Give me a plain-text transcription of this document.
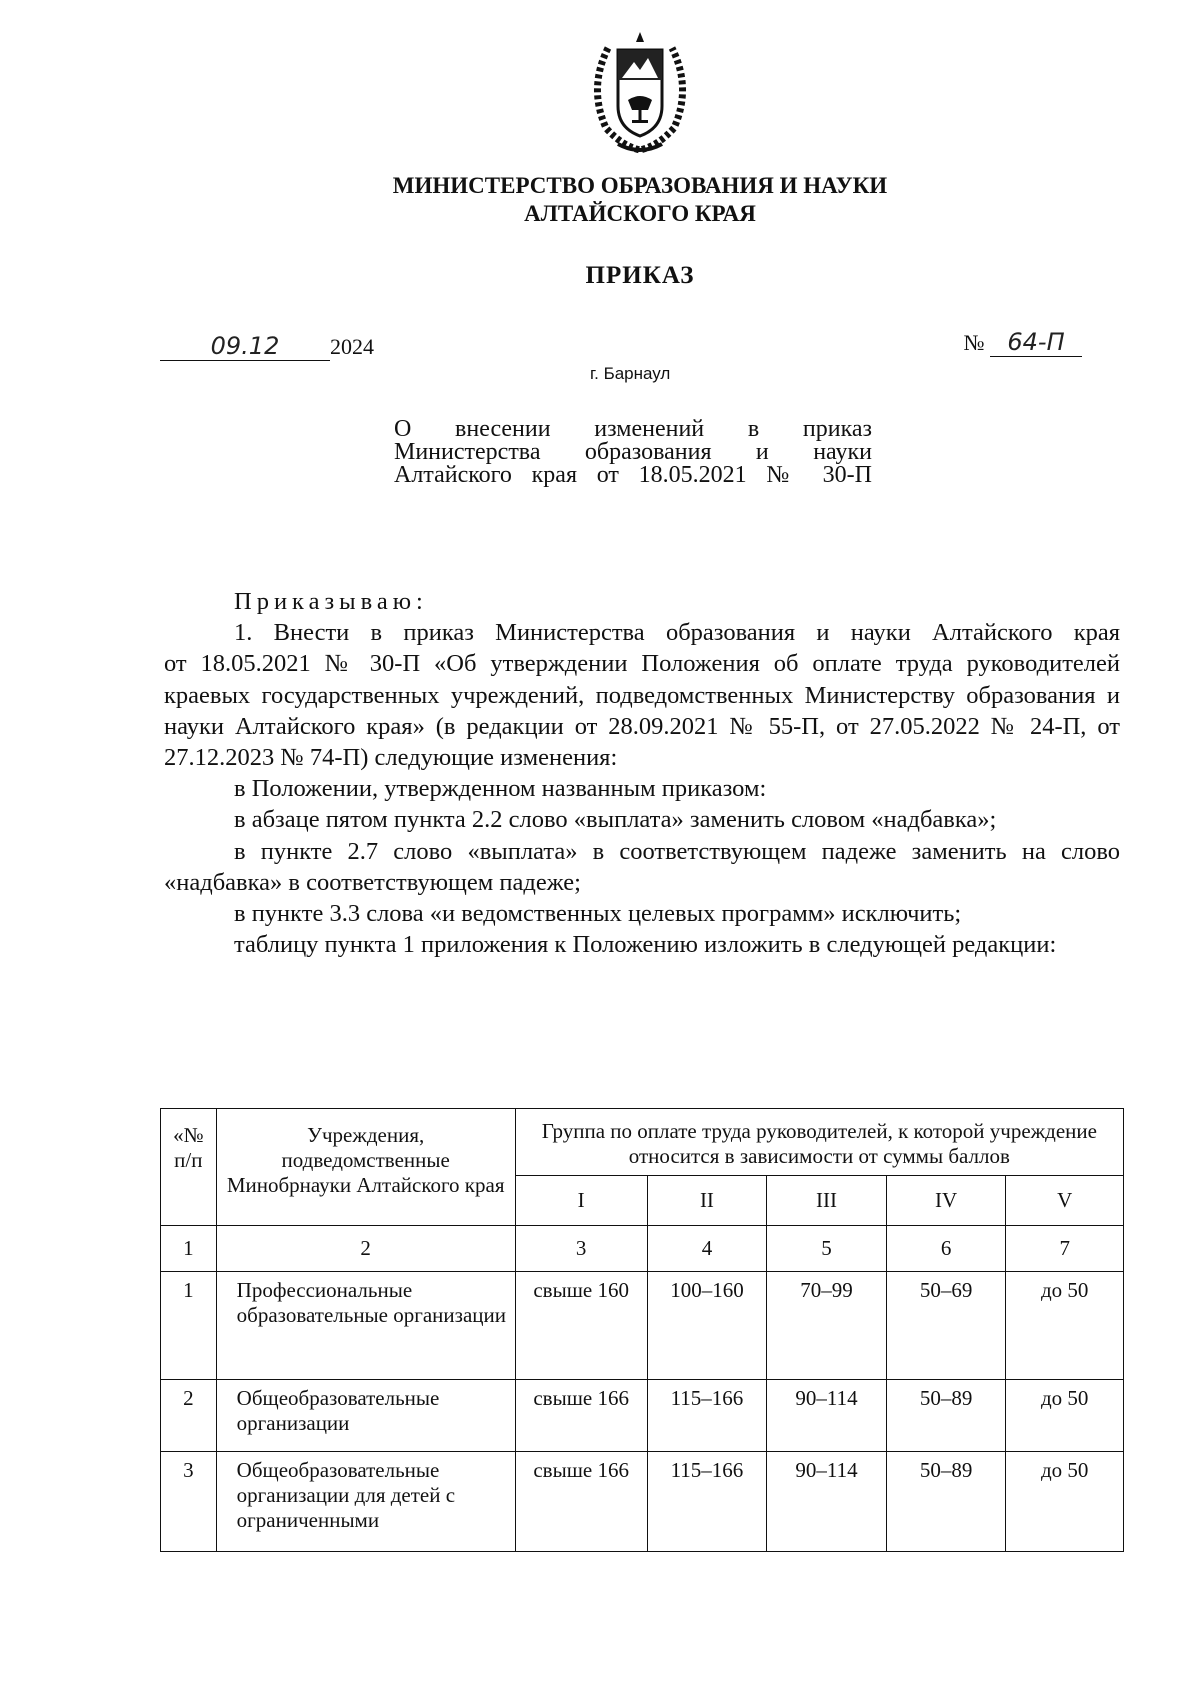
МИНИСТЕРСТВО ОБРАЗОВАНИЯ И НАУКИ
АЛТАЙСКОГО КРАЯ
ПРИКАЗ
09.12 2024	№ 64-П
г. Барнаул
О внесении изменений в приказ
Министерства образования и науки
Алтайского края от 18.05.2021 № 30-П

Приказываю:

1. Внести в приказ Министерства образования и науки Алтайского края

от 18.05.2021 № 30-П «Об утверждении Положения об оплате труда руководителей краевых государственных учреждений, подведомственных Министерству образования и науки Алтайского края» (в редакции от 28.09.2021 № 55-П, от 27.05.2022 № 24-П, от 27.12.2023 № 74-П) следующие изменения:

в Положении, утвержденном названным приказом:

в абзаце пятом пункта 2.2 слово «выплата» заменить словом «надбавка»;

в пункте 2.7 слово «выплата» в соответствующем падеже заменить на слово «надбавка» в соответствующем падеже;

в пункте 3.3 слова «и ведомственных целевых программ» исключить;

таблицу пункта 1 приложения к Положению изложить в следующей редакции:

«№ п/п	Учреждения, подведомственные Минобрнауки Алтайского края	Группа по оплате труда руководителей, к которой учреждение относится в зависимости от суммы баллов				
		I	II	III	IV	V
1	2	3	4	5	6	7
1	Профессиональные образовательные организации	свыше 160	100–160	70–99	50–69	до 50
2	Общеобразовательные организации	свыше 166	115–166	90–114	50–89	до 50
3	Общеобразовательные организации для детей с ограниченными	свыше 166	115–166	90–114	50–89	до 50
